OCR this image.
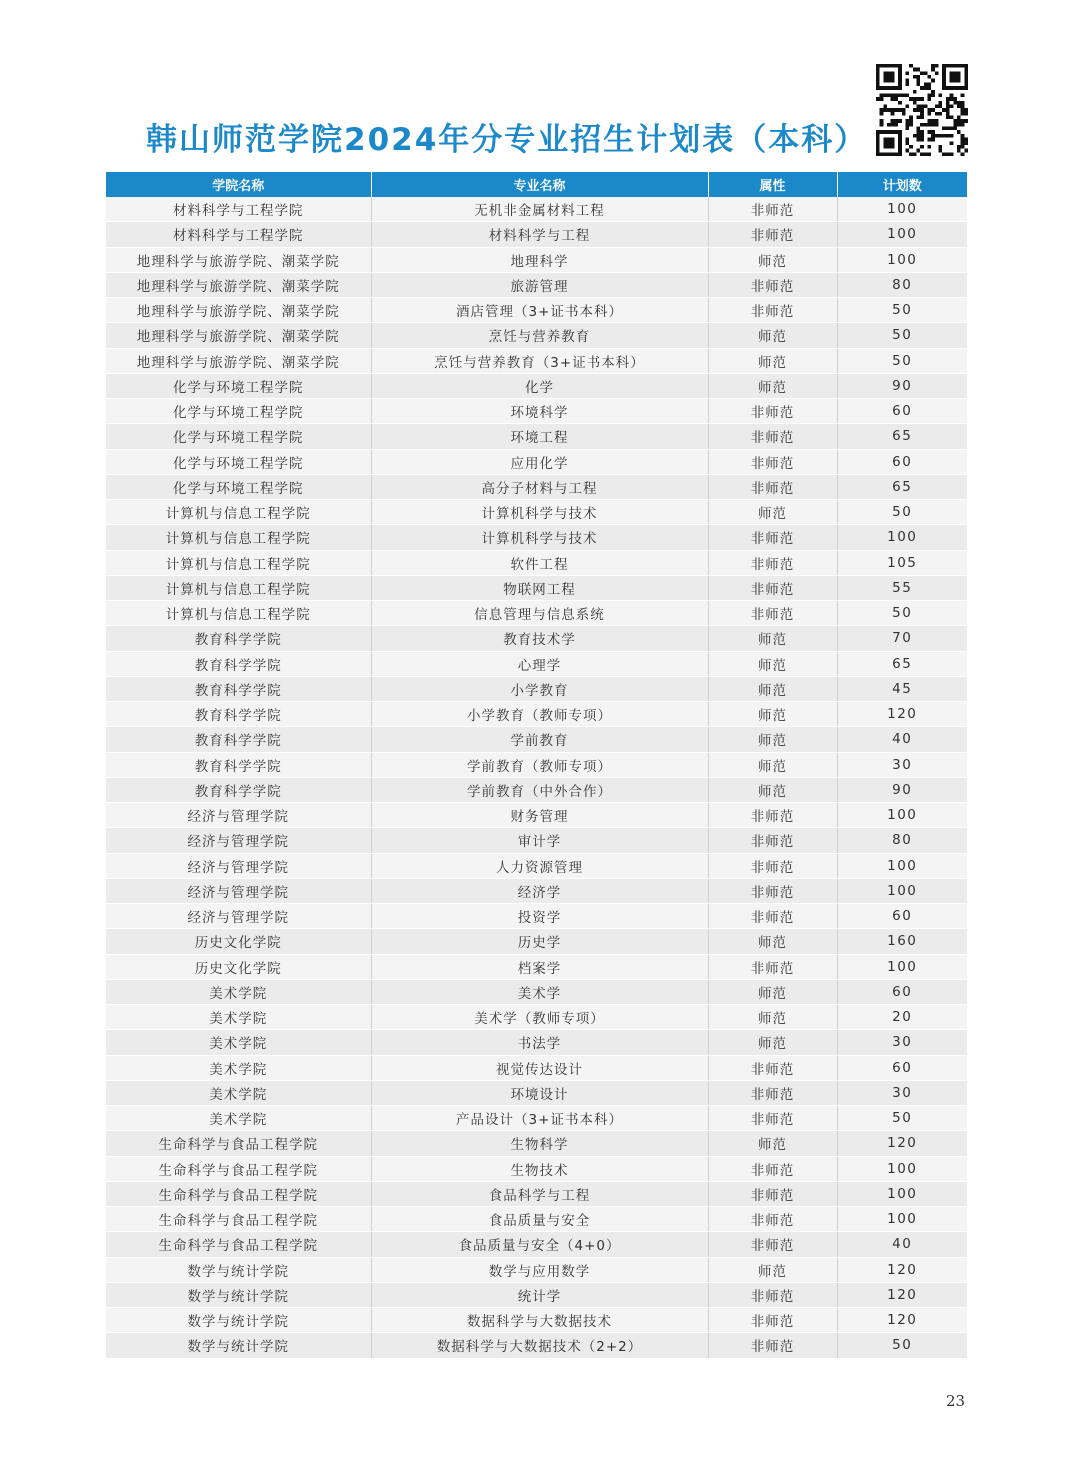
韩山师范学院2024年分专业招生计划表（本科）
学院名称	专业名称	属性	计划数
材料科学与工程学院	无机非金属材料工程	非师范	100
材料科学与工程学院	材料科学与工程	非师范	100
地理科学与旅游学院、潮菜学院	地理科学	师范	100
地理科学与旅游学院、潮菜学院	旅游管理	非师范	80
地理科学与旅游学院、潮菜学院	酒店管理（3+证书本科）	非师范	50
地理科学与旅游学院、潮菜学院	烹饪与营养教育	师范	50
地理科学与旅游学院、潮菜学院	烹饪与营养教育（3+证书本科）	师范	50
化学与环境工程学院	化学	师范	90
化学与环境工程学院	环境科学	非师范	60
化学与环境工程学院	环境工程	非师范	65
化学与环境工程学院	应用化学	非师范	60
化学与环境工程学院	高分子材料与工程	非师范	65
计算机与信息工程学院	计算机科学与技术	师范	50
计算机与信息工程学院	计算机科学与技术	非师范	100
计算机与信息工程学院	软件工程	非师范	105
计算机与信息工程学院	物联网工程	非师范	55
计算机与信息工程学院	信息管理与信息系统	非师范	50
教育科学学院	教育技术学	师范	70
教育科学学院	心理学	师范	65
教育科学学院	小学教育	师范	45
教育科学学院	小学教育（教师专项）	师范	120
教育科学学院	学前教育	师范	40
教育科学学院	学前教育（教师专项）	师范	30
教育科学学院	学前教育（中外合作）	师范	90
经济与管理学院	财务管理	非师范	100
经济与管理学院	审计学	非师范	80
经济与管理学院	人力资源管理	非师范	100
经济与管理学院	经济学	非师范	100
经济与管理学院	投资学	非师范	60
历史文化学院	历史学	师范	160
历史文化学院	档案学	非师范	100
美术学院	美术学	师范	60
美术学院	美术学（教师专项）	师范	20
美术学院	书法学	师范	30
美术学院	视觉传达设计	非师范	60
美术学院	环境设计	非师范	30
美术学院	产品设计（3+证书本科）	非师范	50
生命科学与食品工程学院	生物科学	师范	120
生命科学与食品工程学院	生物技术	非师范	100
生命科学与食品工程学院	食品科学与工程	非师范	100
生命科学与食品工程学院	食品质量与安全	非师范	100
生命科学与食品工程学院	食品质量与安全（4+0）	非师范	40
数学与统计学院	数学与应用数学	师范	120
数学与统计学院	统计学	非师范	120
数学与统计学院	数据科学与大数据技术	非师范	120
数学与统计学院	数据科学与大数据技术（2+2）	非师范	50
23
